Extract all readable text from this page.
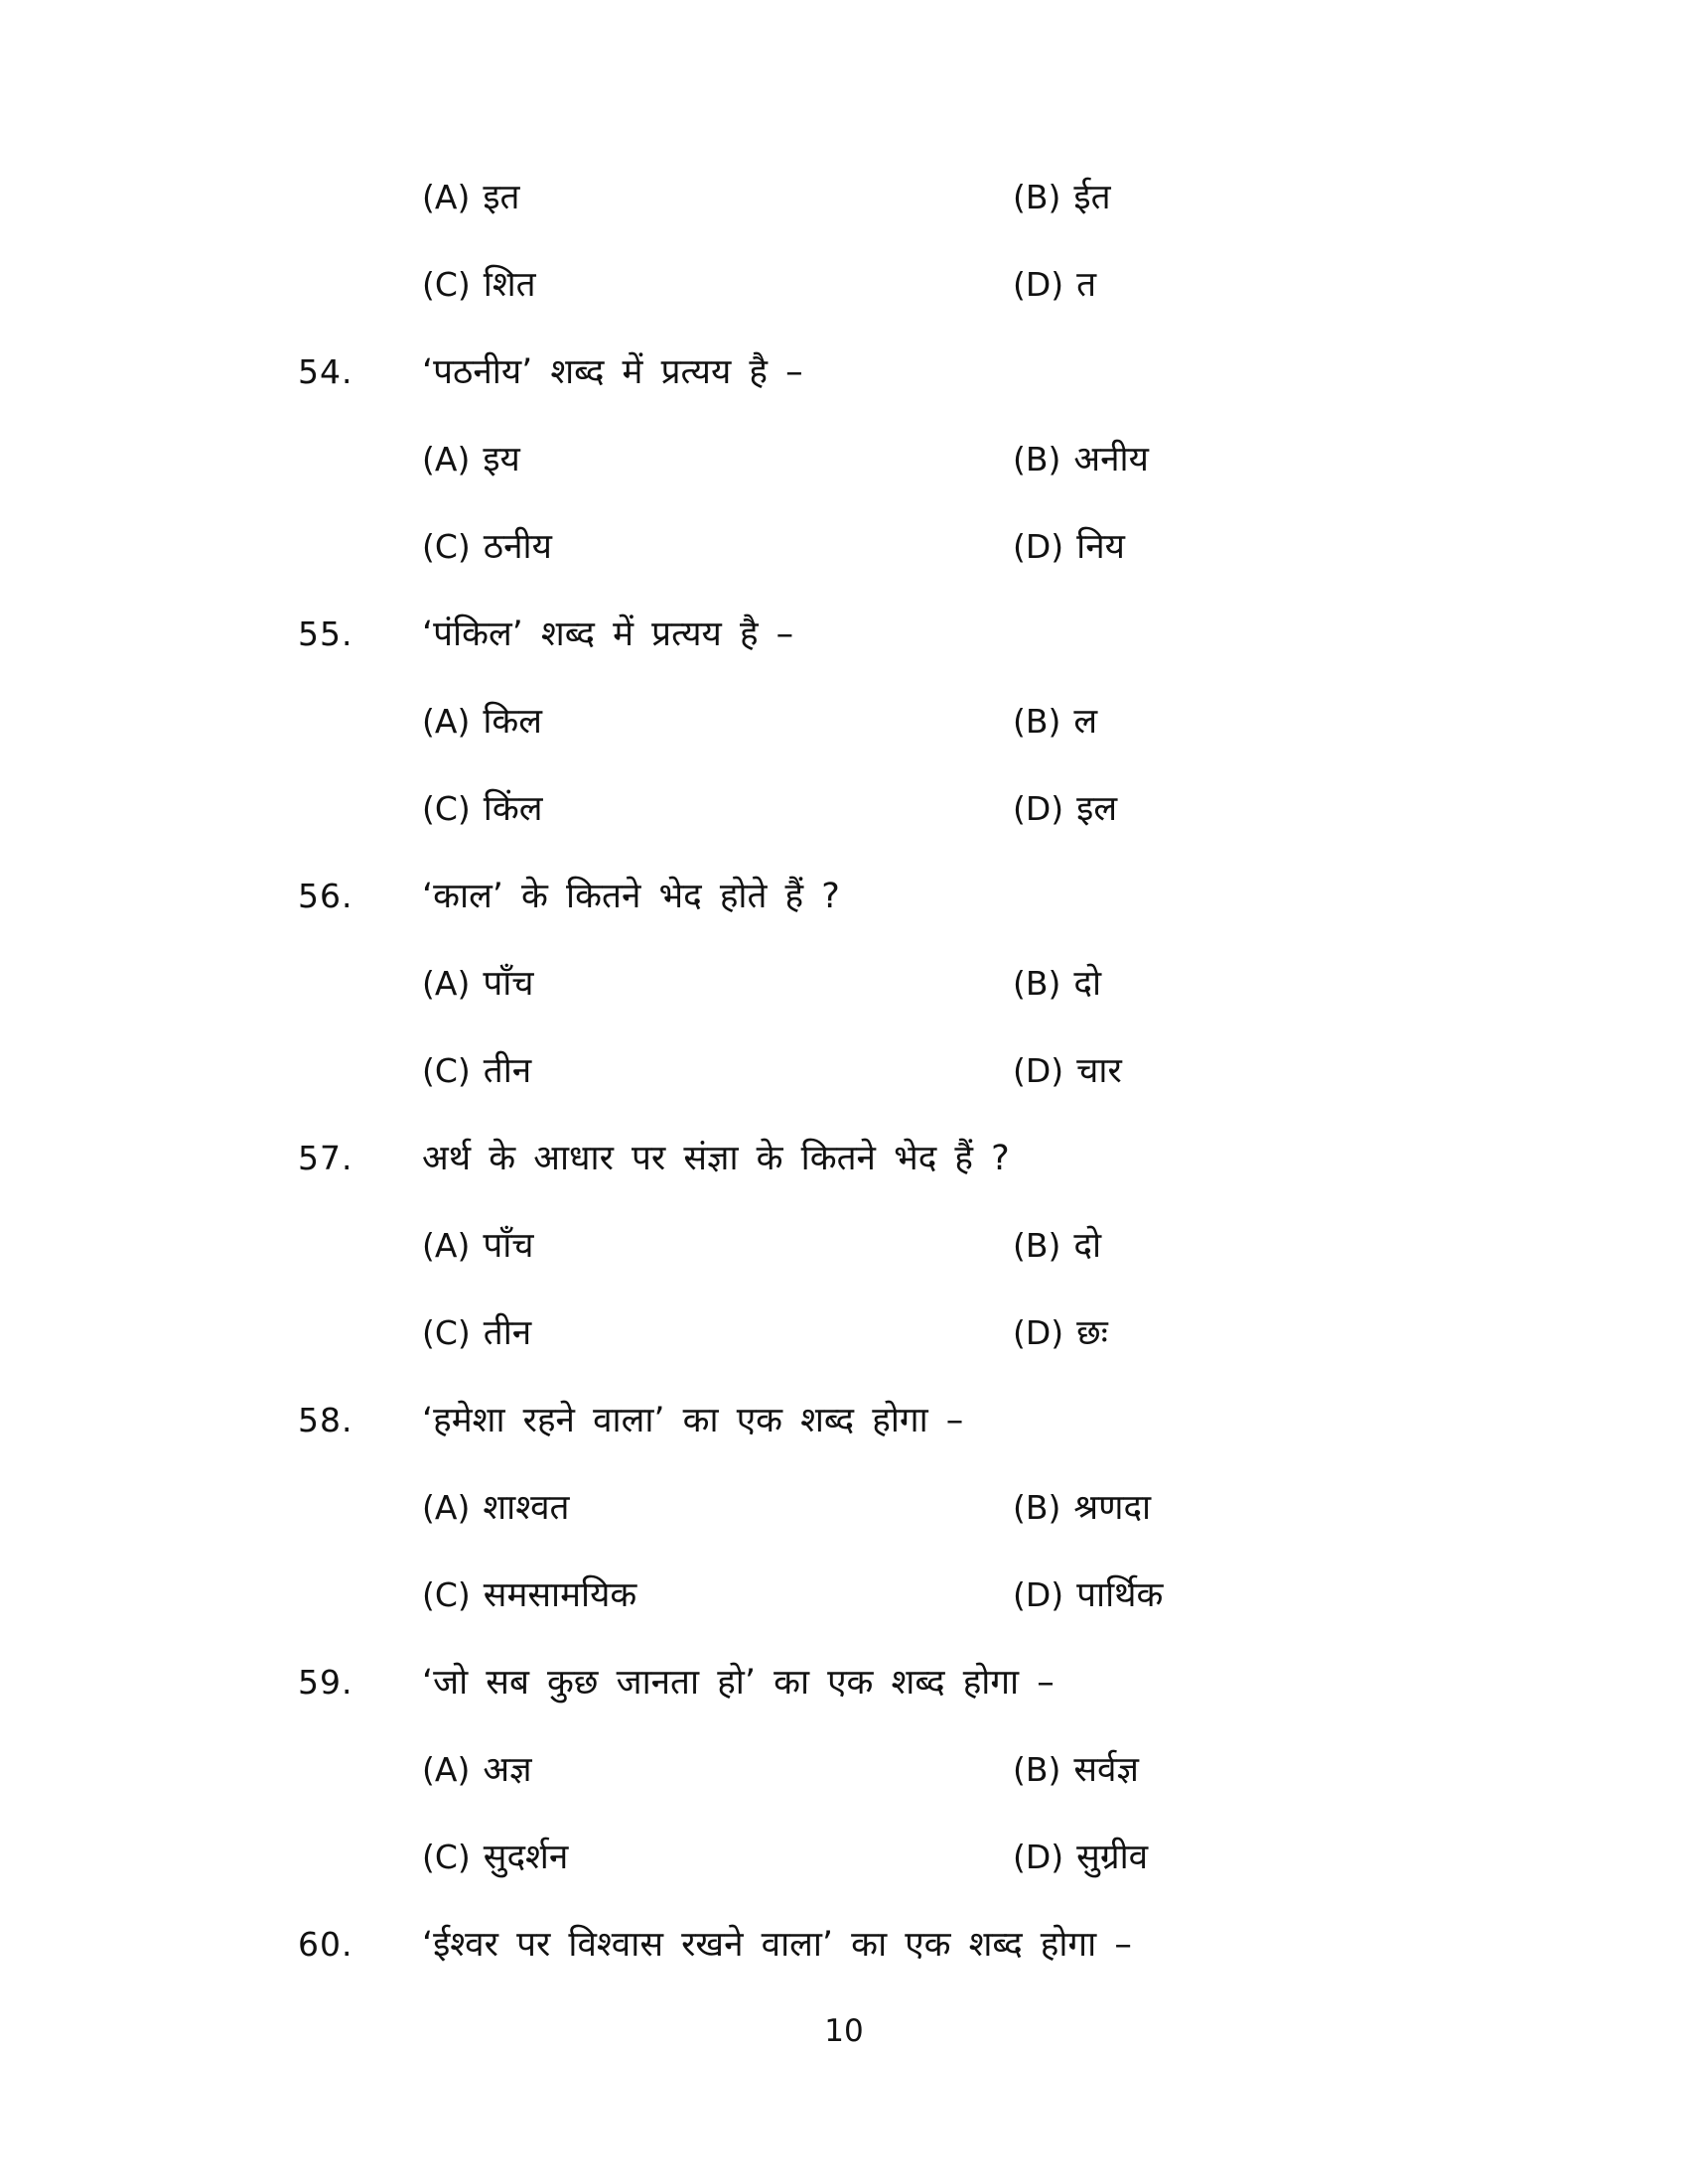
(A) इत	(B) ईत
(C) शित	(D) त
54.	‘पठनीय’ शब्द में प्रत्यय है –
(A) इय	(B) अनीय
(C) ठनीय	(D) निय
55.	‘पंकिल’ शब्द में प्रत्यय है –
(A) किल	(B) ल
(C) किंल	(D) इल
56.	‘काल’ के कितने भेद होते हैं ?
(A) पाँच	(B) दो
(C) तीन	(D) चार
57.	अर्थ के आधार पर संज्ञा के कितने भेद हैं ?
(A) पाँच	(B) दो
(C) तीन	(D) छः
58.	‘हमेशा रहने वाला’ का एक शब्द होगा –
(A) शाश्वत	(B) श्रणदा
(C) समसामयिक	(D) पार्थिक
59.	‘जो सब कुछ जानता हो’ का एक शब्द होगा –
(A) अज्ञ	(B) सर्वज्ञ
(C) सुदर्शन	(D) सुग्रीव
60.	‘ईश्वर पर विश्वास रखने वाला’ का एक शब्द होगा –
10
